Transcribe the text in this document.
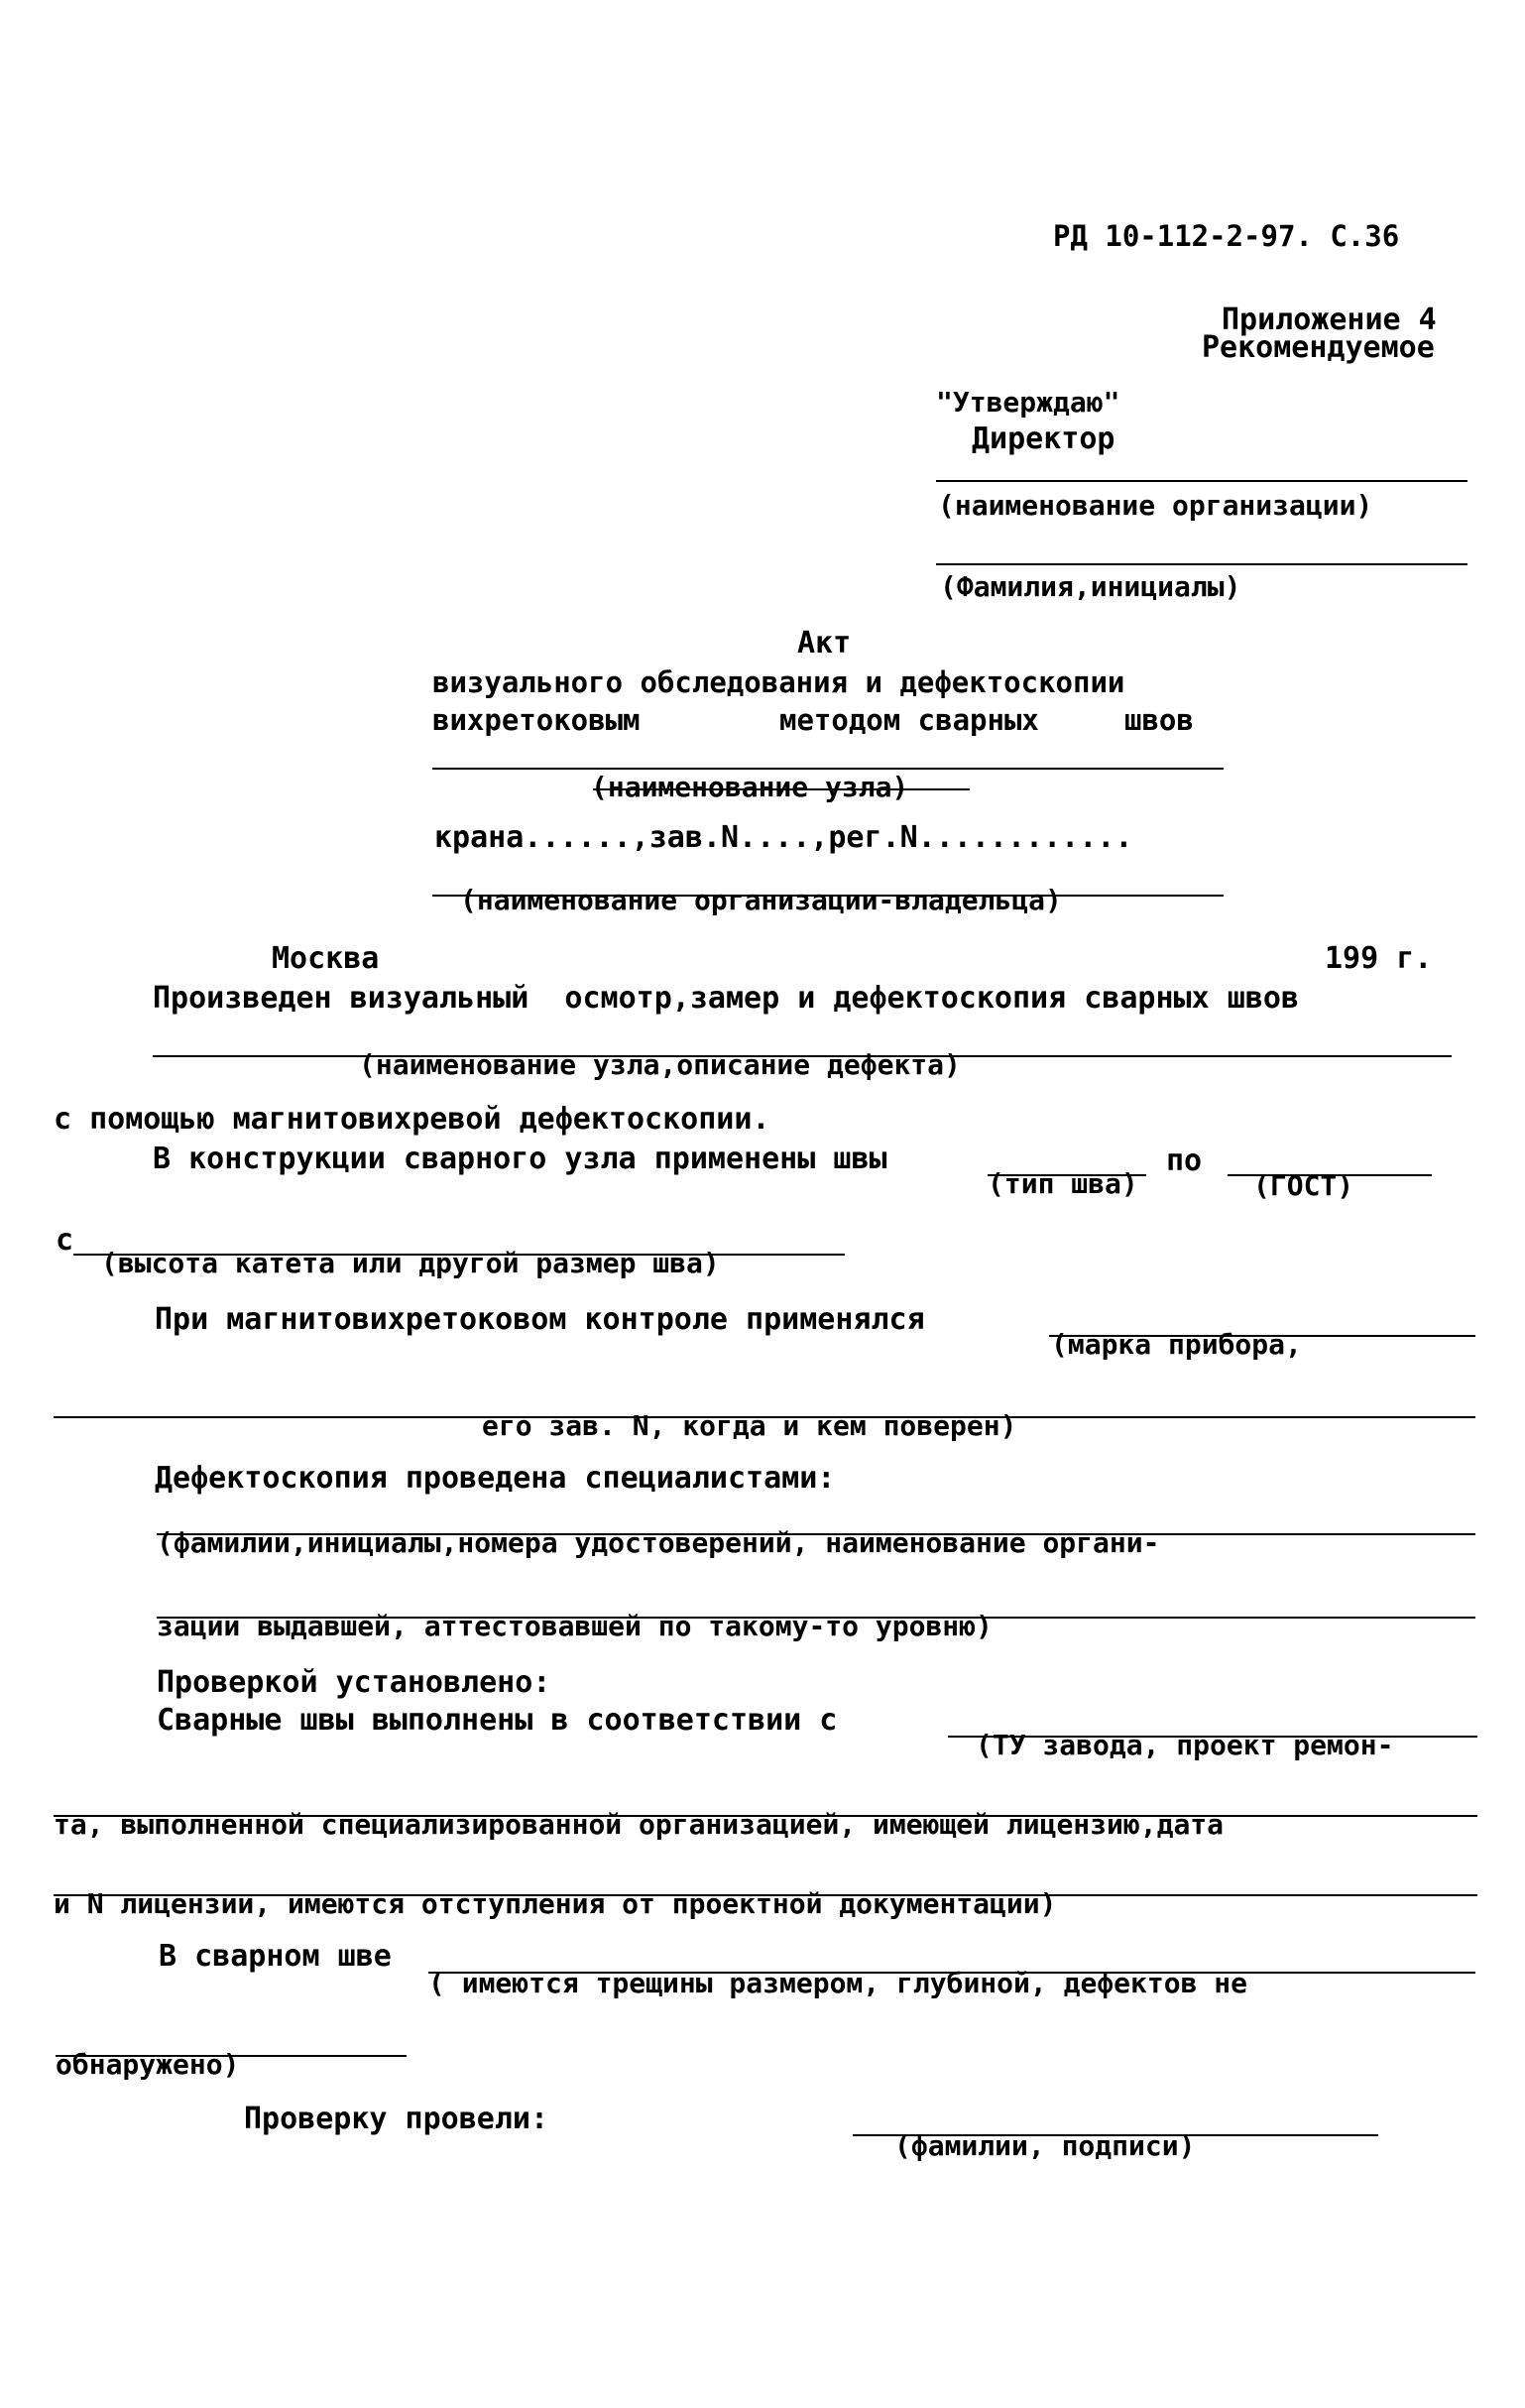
РД 10-112-2-97. С.36
Приложение 4
Рекомендуемое
"Утверждаю"
Директор
(наименование организации)
(Фамилия,инициалы)
Акт
визуального обследования и дефектоскопии
вихретоковым	методом сварных	швов
(наименование узла)
крана......,зав.N....,рег.N............
(наименование организации-владельца)
Москва	199 г.
Произведен визуальный  осмотр,замер и дефектоскопия сварных швов
(наименование узла,описание дефекта)
с помощью магнитовихревой дефектоскопии.
В конструкции сварного узла применены швы
(тип шва)
по
(ГОСТ)
с
(высота катета или другой размер шва)
При магнитовихретоковом контроле применялся
(марка прибора,
его зав. N, когда и кем поверен)
Дефектоскопия проведена специалистами:
(фамилии,инициалы,номера удостоверений, наименование органи-
зации выдавшей, аттестовавшей по такому-то уровню)
Проверкой установлено:
Сварные швы выполнены в соответствии с
(ТУ завода, проект ремон-
та, выполненной специализированной организацией, имеющей лицензию,дата
и N лицензии, имеются отступления от проектной документации)
В сварном шве
( имеются трещины размером, глубиной, дефектов не
обнаружено)
Проверку провели:
(фамилии, подписи)
